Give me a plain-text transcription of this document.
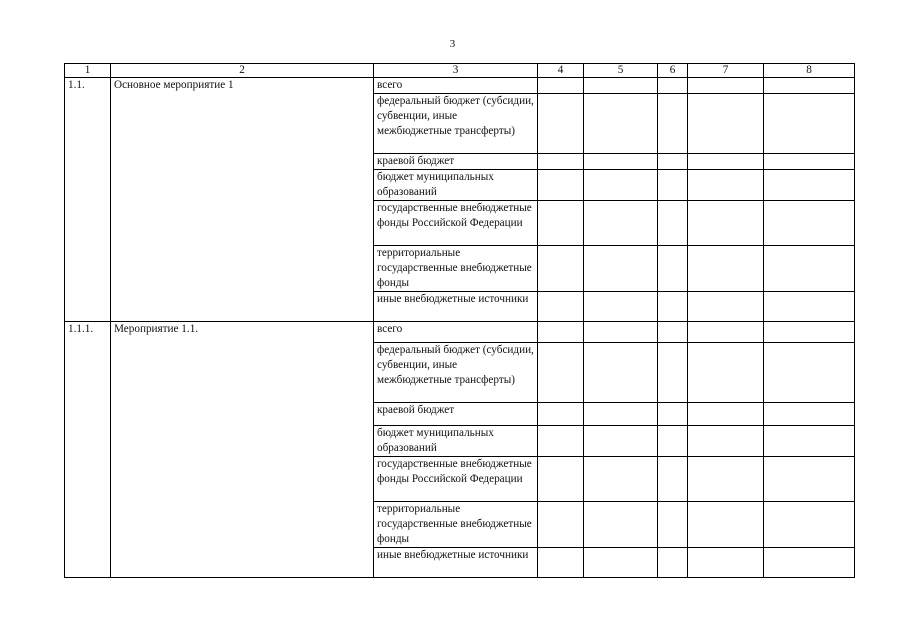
3
1	2	3	4	5	6	7	8
1.1.	Основное мероприятие 1	всего					
		федеральный бюджет (субсидии, субвенции, иные межбюджетные трансферты)					
		краевой бюджет					
		бюджет муниципальных образований					
		государственные внебюджетные фонды Российской Федерации					
		территориальные государственные внебюджетные фонды					
		иные внебюджетные источники					
1.1.1.	Мероприятие 1.1.	всего					
		федеральный бюджет (субсидии, субвенции, иные межбюджетные трансферты)					
		краевой бюджет					
		бюджет муниципальных образований					
		государственные внебюджетные фонды Российской Федерации					
		территориальные государственные внебюджетные фонды					
		иные внебюджетные источники					
